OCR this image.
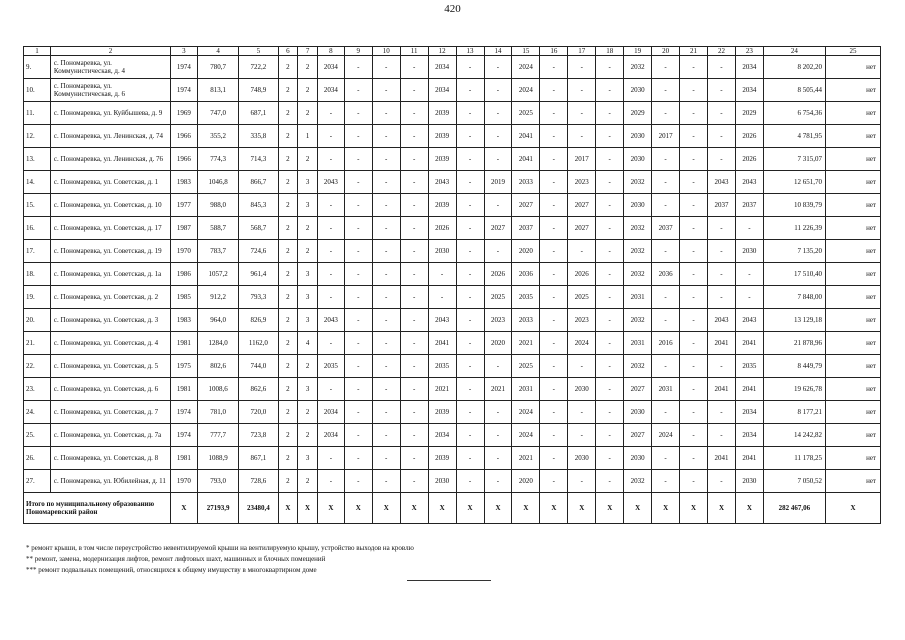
420
1	2	3	4	5	6	7	8	9	10	11	12	13	14	15	16	17	18	19	20	21	22	23	24	25
9.	с. Пономаревка, ул. Коммунистическая, д. 4	1974	780,7	722,2	2	2	2034	-	-	-	2034	-	-	2024	-	-	-	2032	-	-	-	2034	8 202,20	нет
10.	с. Пономаревка, ул. Коммунистическая, д. 6	1974	813,1	748,9	2	2	2034	-	-	-	2034	-	-	2024	-	-	-	2030	-	-	-	2034	8 505,44	нет
11.	с. Пономаревка, ул. Куйбышева, д. 9	1969	747,0	687,1	2	2	-	-	-	-	2039	-	-	2025	-	-	-	2029	-	-	-	2029	6 754,36	нет
12.	с. Пономаревка, ул. Ленинская, д. 74	1966	355,2	335,8	2	1	-	-	-	-	2039	-	-	2041	-	-	-	2030	2017	-	-	2026	4 781,95	нет
13.	с. Пономаревка, ул. Ленинская, д. 76	1966	774,3	714,3	2	2	-	-	-	-	2039	-	-	2041	-	2017	-	2030	-	-	-	2026	7 315,07	нет
14.	с. Пономаревка, ул. Советская, д. 1	1983	1046,8	866,7	2	3	2043	-	-	-	2043	-	2019	2033	-	2023	-	2032	-	-	2043	2043	12 651,70	нет
15.	с. Пономаревка, ул. Советская, д. 10	1977	988,0	845,3	2	3	-	-	-	-	2039	-	-	2027	-	2027	-	2030	-	-	2037	2037	10 839,79	нет
16.	с. Пономаревка, ул. Советская, д. 17	1987	588,7	568,7	2	2	-	-	-	-	2026	-	2027	2037	-	2027	-	2032	2037	-	-	-	11 226,39	нет
17.	с. Пономаревка, ул. Советская, д. 19	1970	783,7	724,6	2	2	-	-	-	-	2030	-	-	2020	-	-	-	2032	-	-	-	2030	7 135,20	нет
18.	с. Пономаревка, ул. Советская, д. 1а	1986	1057,2	961,4	2	3	-	-	-	-	-	-	2026	2036	-	2026	-	2032	2036	-	-	-	17 510,40	нет
19.	с. Пономаревка, ул. Советская, д. 2	1985	912,2	793,3	2	3	-	-	-	-	-	-	2025	2035	-	2025	-	2031	-	-	-	-	7 848,00	нет
20.	с. Пономаревка, ул. Советская, д. 3	1983	964,0	826,9	2	3	2043	-	-	-	2043	-	2023	2033	-	2023	-	2032	-	-	2043	2043	13 129,18	нет
21.	с. Пономаревка, ул. Советская, д. 4	1981	1284,0	1162,0	2	4	-	-	-	-	2041	-	2020	2021	-	2024	-	2031	2016	-	2041	2041	21 878,96	нет
22.	с. Пономаревка, ул. Советская, д. 5	1975	802,6	744,0	2	2	2035	-	-	-	2035	-	-	2025	-	-	-	2032	-	-	-	2035	8 449,79	нет
23.	с. Пономаревка, ул. Советская, д. 6	1981	1008,6	862,6	2	3	-	-	-	-	2021	-	2021	2031	-	2030	-	2027	2031	-	2041	2041	19 626,78	нет
24.	с. Пономаревка, ул. Советская, д. 7	1974	781,0	720,0	2	2	2034	-	-	-	2039	-	-	2024	-	-	-	2030	-	-	-	2034	8 177,21	нет
25.	с. Пономаревка, ул. Советская, д. 7а	1974	777,7	723,8	2	2	2034	-	-	-	2034	-	-	2024	-	-	-	2027	2024	-	-	2034	14 242,82	нет
26.	с. Пономаревка, ул. Советская, д. 8	1981	1088,9	867,1	2	3	-	-	-	-	2039	-	-	2021	-	2030	-	2030	-	-	2041	2041	11 178,25	нет
27.	с. Пономаревка, ул. Юбилейная, д. 11	1970	793,0	728,6	2	2	-	-	-	-	2030	-	-	2020	-	-	-	2032	-	-	-	2030	7 050,52	нет
Итого по муниципальному образованию Пономаревский район		X	27193,9	23480,4	X	X	X	X	X	X	X	X	X	X	X	X	X	X	X	X	X	X	282 467,06	X
* ремонт крыши, в том числе переустройство невентилируемой крыши на вентилируемую крышу, устройство выходов на кровлю
** ремонт, замена, модернизация лифтов, ремонт лифтовых шахт, машинных и блочных помещений
*** ремонт подвальных помещений, относящихся к общему имуществу в многоквартирном доме
